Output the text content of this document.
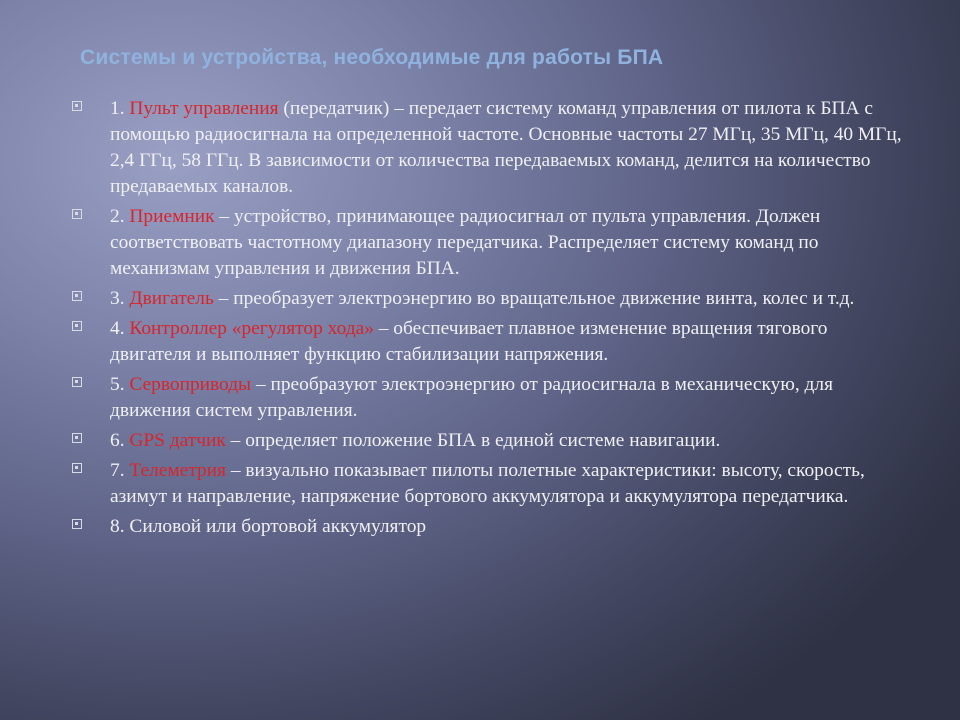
Системы и устройства, необходимые для работы БПА
1. Пульт управления (передатчик) – передает систему команд управления от пилота к БПА с помощью радиосигнала на определенной частоте. Основные частоты 27 МГц, 35 МГц, 40 МГц, 2,4 ГГц, 58 ГГц. В зависимости от количества передаваемых команд, делится на количество предаваемых каналов.
2. Приемник – устройство, принимающее радиосигнал от пульта управления. Должен соответствовать частотному диапазону передатчика. Распределяет систему команд по механизмам управления и движения БПА.
3. Двигатель – преобразует электроэнергию во вращательное движение винта, колес и т.д.
4. Контроллер «регулятор хода» – обеспечивает плавное изменение вращения тягового двигателя и выполняет функцию стабилизации напряжения.
5. Сервоприводы – преобразуют электроэнергию от радиосигнала в механическую, для движения систем управления.
6. GPS датчик – определяет положение БПА в единой системе навигации.
7. Телеметрия – визуально показывает пилоты полетные характеристики: высоту, скорость, азимут и направление, напряжение бортового аккумулятора и аккумулятора передатчика.
8. Силовой или бортовой аккумулятор
